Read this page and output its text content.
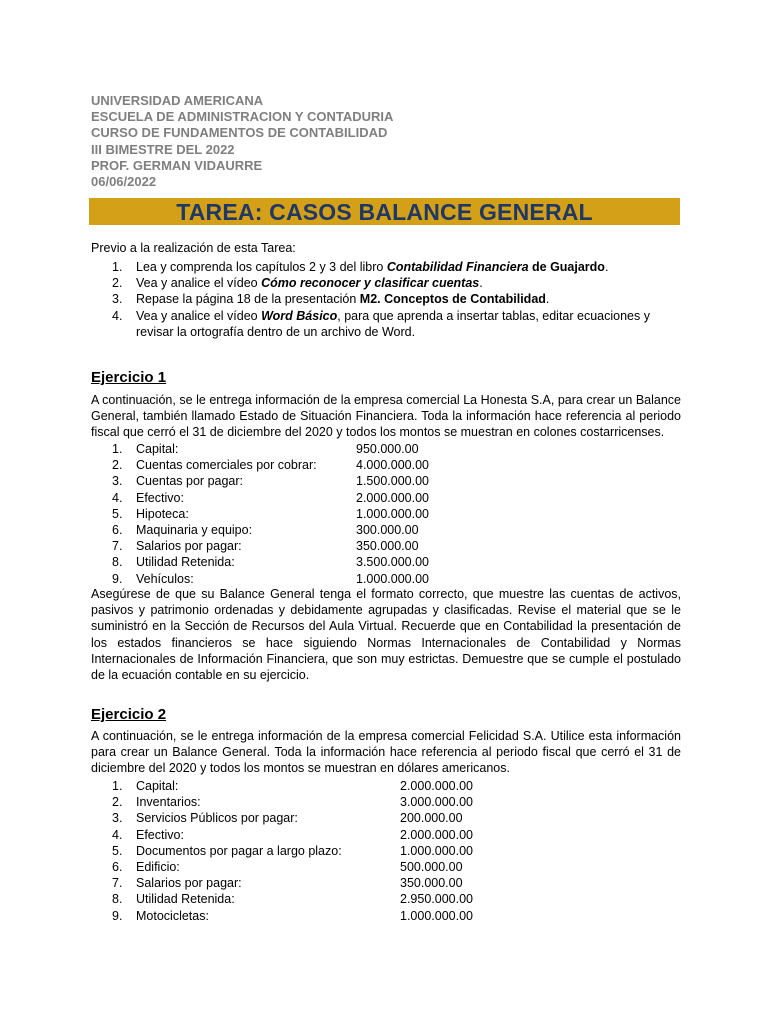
UNIVERSIDAD AMERICANA
ESCUELA DE ADMINISTRACION Y CONTADURIA
CURSO DE FUNDAMENTOS DE CONTABILIDAD
III BIMESTRE DEL 2022
PROF. GERMAN VIDAURRE
06/06/2022
TAREA: CASOS BALANCE GENERAL
Previo a la realización de esta Tarea:
1. Lea y comprenda los capítulos 2 y 3 del libro Contabilidad Financiera de Guajardo.
2. Vea y analice el vídeo Cómo reconocer y clasificar cuentas.
3. Repase la página 18 de la presentación M2. Conceptos de Contabilidad.
4. Vea y analice el vídeo Word Básico, para que aprenda a insertar tablas, editar ecuaciones y
revisar la ortografía dentro de un archivo de Word.
Ejercicio 1
A continuación, se le entrega información de la empresa comercial La Honesta S.A, para crear un Balance General, también llamado Estado de Situación Financiera. Toda la información hace referencia al periodo fiscal que cerró el 31 de diciembre del 2020 y todos los montos se muestran en colones costarricenses.
1. Capital:	950.000.00
2. Cuentas comerciales por cobrar:	4.000.000.00
3. Cuentas por pagar:	1.500.000.00
4. Efectivo:	2.000.000.00
5. Hipoteca:	1.000.000.00
6. Maquinaria y equipo:	300.000.00
7. Salarios por pagar:	350.000.00
8. Utilidad Retenida:	3.500.000.00
9. Vehículos:	1.000.000.00
Asegúrese de que su Balance General tenga el formato correcto, que muestre las cuentas de activos, pasivos y patrimonio ordenadas y debidamente agrupadas y clasificadas. Revise el material que se le suministró en la Sección de Recursos del Aula Virtual. Recuerde que en Contabilidad la presentación de los estados financieros se hace siguiendo Normas Internacionales de Contabilidad y Normas Internacionales de Información Financiera, que son muy estrictas. Demuestre que se cumple el postulado de la ecuación contable en su ejercicio.
Ejercicio 2
A continuación, se le entrega información de la empresa comercial Felicidad S.A. Utilice esta información para crear un Balance General. Toda la información hace referencia al periodo fiscal que cerró el 31 de diciembre del 2020 y todos los montos se muestran en dólares americanos.
1. Capital:	2.000.000.00
2. Inventarios:	3.000.000.00
3. Servicios Públicos por pagar:	200.000.00
4. Efectivo:	2.000.000.00
5. Documentos por pagar a largo plazo:	1.000.000.00
6. Edificio:	500.000.00
7. Salarios por pagar:	350.000.00
8. Utilidad Retenida:	2.950.000.00
9. Motocicletas:	1.000.000.00
